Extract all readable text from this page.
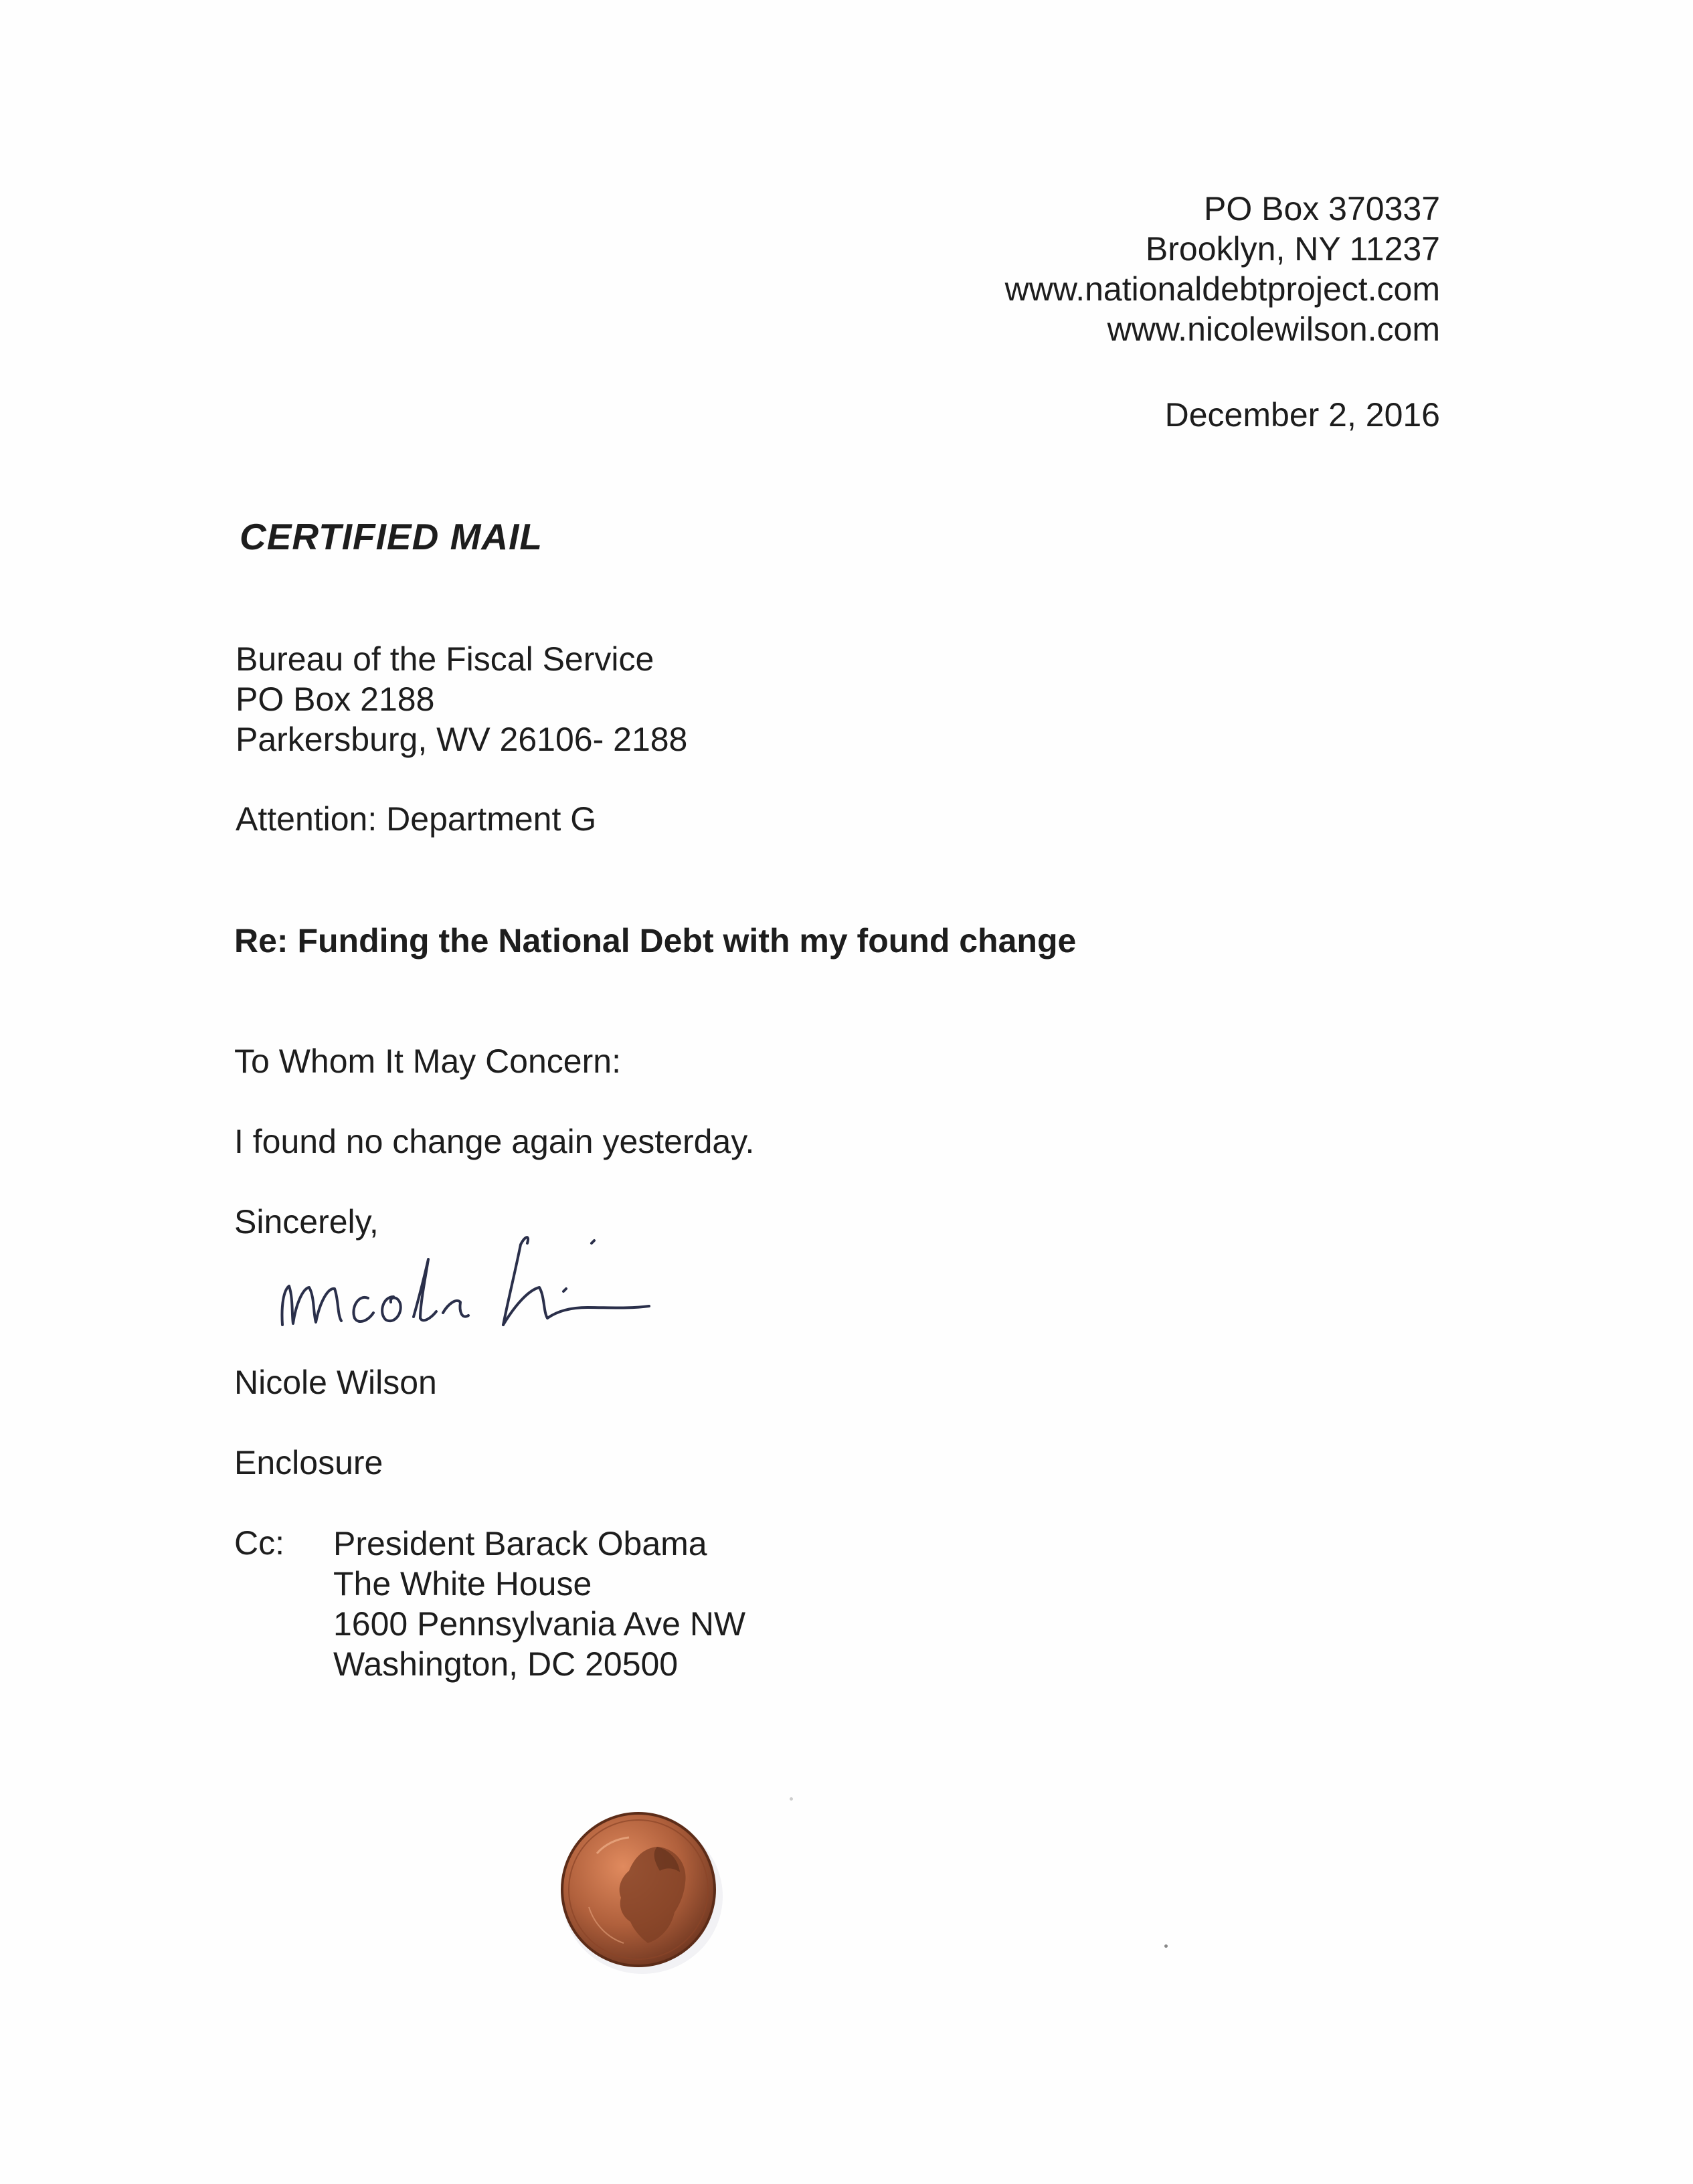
PO Box 370337
Brooklyn, NY 11237
www.nationaldebtproject.com
www.nicolewilson.com
December 2, 2016
CERTIFIED MAIL
Bureau of the Fiscal Service
PO Box 2188
Parkersburg, WV 26106- 2188
Attention: Department G
Re: Funding the National Debt with my found change
To Whom It May Concern:
I found no change again yesterday.
Sincerely,
Nicole Wilson
Enclosure
Cc: President Barack Obama
The White House
1600 Pennsylvania Ave NW
Washington, DC 20500
